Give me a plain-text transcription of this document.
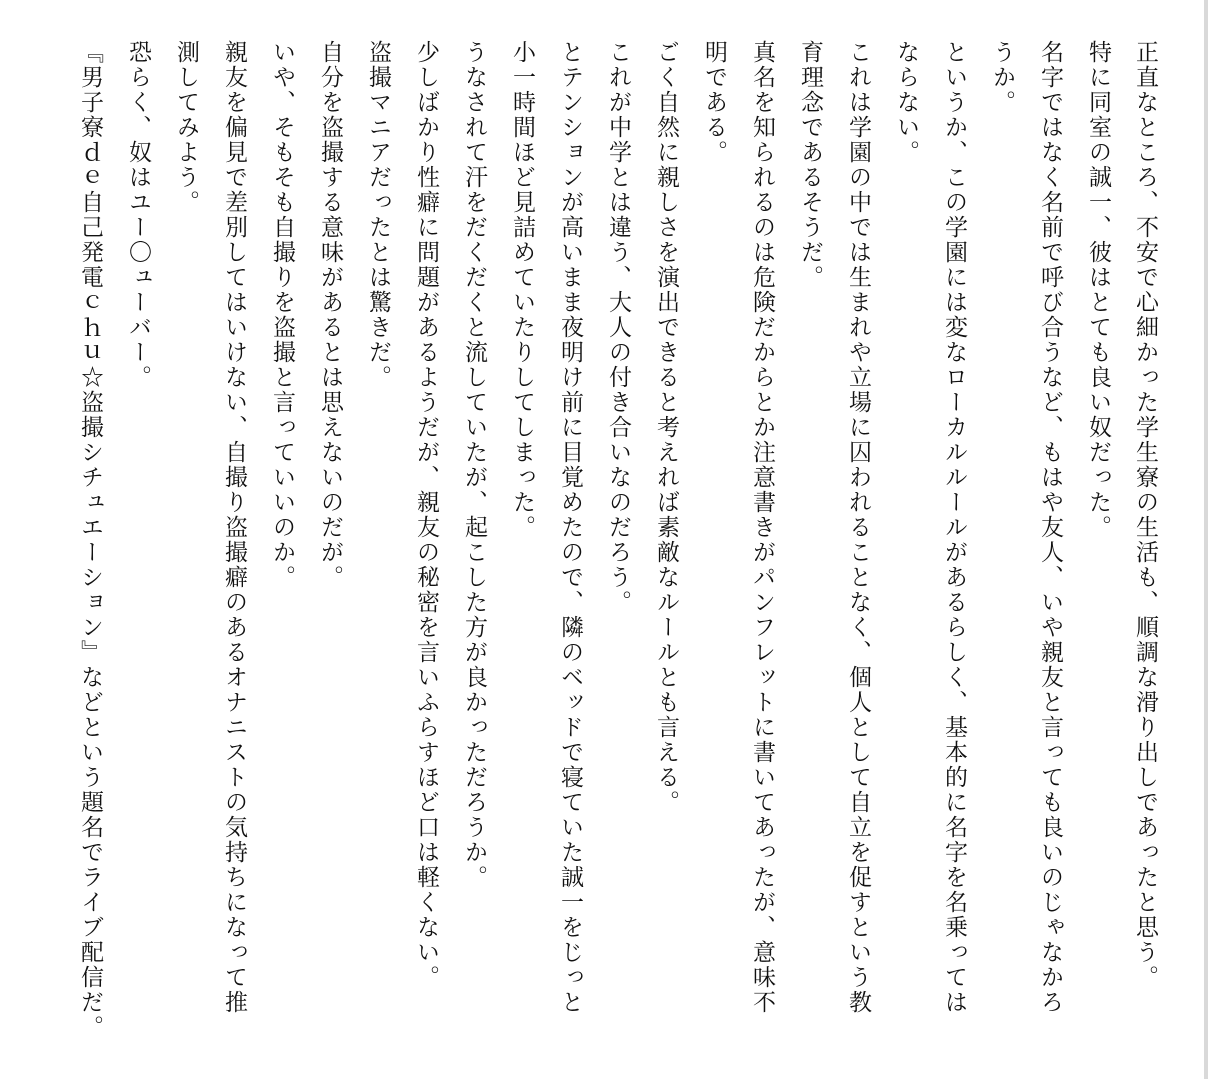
正直なところ、不安で心細かった学生寮の生活も、順調な滑り出しであったと思う。
特に同室の誠一、彼はとても良い奴だった。
名字ではなく名前で呼び合うなど、もはや友人、いや親友と言っても良いのじゃなかろ
うか。
というか、この学園には変なローカルルールがあるらしく、基本的に名字を名乗っては
ならない。
これは学園の中では生まれや立場に囚われることなく、個人として自立を促すという教
育理念であるそうだ。
真名を知られるのは危険だからとか注意書きがパンフレットに書いてあったが、意味不
明である。
ごく自然に親しさを演出できると考えれば素敵なルールとも言える。
これが中学とは違う、大人の付き合いなのだろう。
とテンションが高いまま夜明け前に目覚めたので、隣のベッドで寝ていた誠一をじっと
小一時間ほど見詰めていたりしてしまった。
うなされて汗をだくだくと流していたが、起こした方が良かっただろうか。
少しばかり性癖に問題があるようだが、親友の秘密を言いふらすほど口は軽くない。
盗撮マニアだったとは驚きだ。
自分を盗撮する意味があるとは思えないのだが。
いや、そもそも自撮りを盗撮と言っていいのか。
親友を偏見で差別してはいけない、自撮り盗撮癖のあるオナニストの気持ちになって推
測してみよう。
恐らく、奴はユー〇ューバー。
『男子寮ｄｅ自己発電ｃｈｕ☆盗撮シチュエーション』などという題名でライブ配信だ。
